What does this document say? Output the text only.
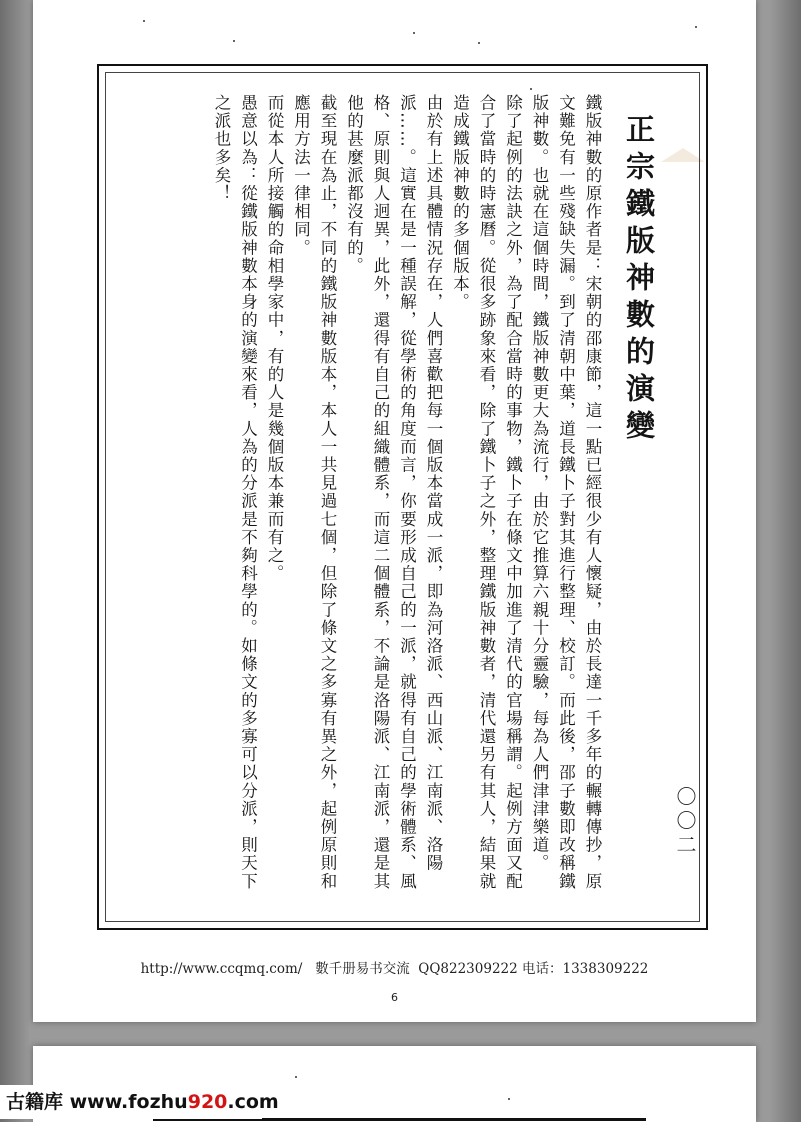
正宗鐵版神數的演變

鐵版神數的原作者是：宋朝的邵康節，這一點已經很少有人懷疑，由於長達一千多年的輾轉傳抄，原文難免有一些殘缺失漏。到了清朝中葉，道長鐵卜子對其進行整理、校訂。而此後，邵子數即改稱鐵版神數。也就在這個時間，鐵版神數更大為流行，由於它推算六親十分靈驗，每為人們津津樂道。

除了起例的法訣之外，為了配合當時的事物，鐵卜子在條文中加進了清代的官場稱謂。起例方面又配合了當時的時憲曆。從很多跡象來看，除了鐵卜子之外，整理鐵版神數者，清代還另有其人，結果就造成鐵版神數的多個版本。

由於有上述具體情況存在，人們喜歡把每一個版本當成一派，即為河洛派、西山派、江南派、洛陽派……。這實在是一種誤解，從學術的角度而言，你要形成自己的一派，就得有自己的學術體系、風格、原則與人迥異，此外，還得有自己的組織體系，而這二個體系，不論是洛陽派、江南派，還是其他的甚麼派都沒有的。

截至現在為止，不同的鐵版神數版本，本人一共見過七個，但除了條文之多寡有異之外，起例原則和應用方法一律相同。

而從本人所接觸的命相學家中，有的人是幾個版本兼而有之。

愚意以為：從鐵版神數本身的演變來看，人為的分派是不夠科學的。如條文的多寡可以分派，則天下之派也多矣！

〇〇二
http://www.ccqmq.com/   數千册易书交流  QQ822309222 电话：1338309222
6
古籍库 www.fozhu920.com
